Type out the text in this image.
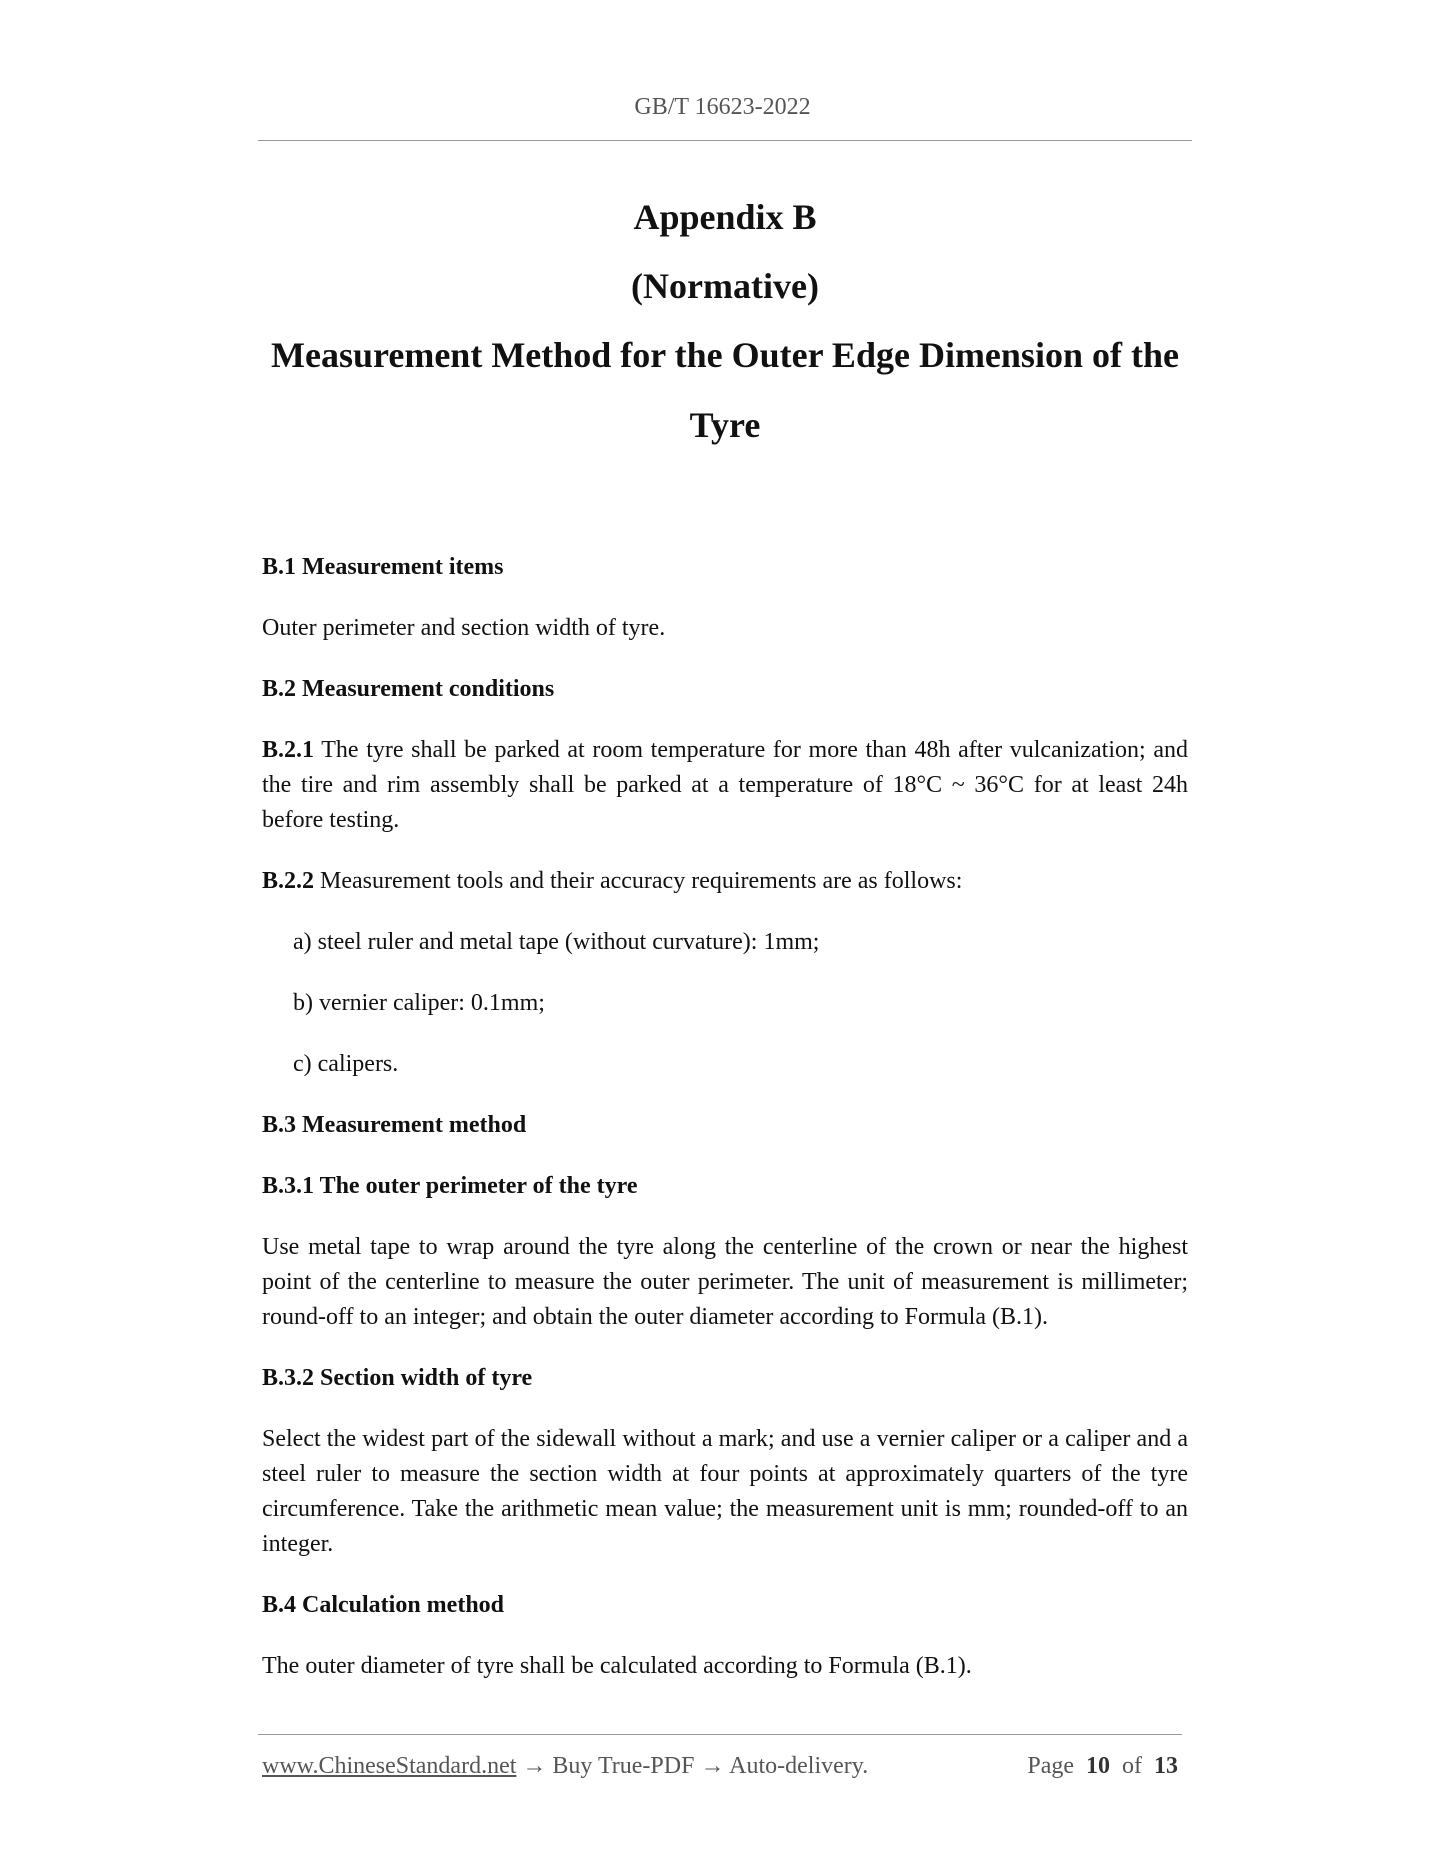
GB/T 16623-2022
Appendix B
(Normative)
Measurement Method for the Outer Edge Dimension of the
Tyre

B.1 Measurement items

Outer perimeter and section width of tyre.

B.2 Measurement conditions

B.2.1 The tyre shall be parked at room temperature for more than 48h after vulcanization; and the tire and rim assembly shall be parked at a temperature of 18°C ~ 36°C for at least 24h before testing.

B.2.2 Measurement tools and their accuracy requirements are as follows:

a) steel ruler and metal tape (without curvature): 1mm;

b) vernier caliper: 0.1mm;

c) calipers.

B.3 Measurement method

B.3.1 The outer perimeter of the tyre

Use metal tape to wrap around the tyre along the centerline of the crown or near the highest point of the centerline to measure the outer perimeter. The unit of measurement is millimeter; round-off to an integer; and obtain the outer diameter according to Formula (B.1).

B.3.2 Section width of tyre

Select the widest part of the sidewall without a mark; and use a vernier caliper or a caliper and a steel ruler to measure the section width at four points at approximately quarters of the tyre circumference. Take the arithmetic mean value; the measurement unit is mm; rounded-off to an integer.

B.4 Calculation method

The outer diameter of tyre shall be calculated according to Formula (B.1).

www.ChineseStandard.net → Buy True-PDF → Auto-delivery.	Page 10 of 13
